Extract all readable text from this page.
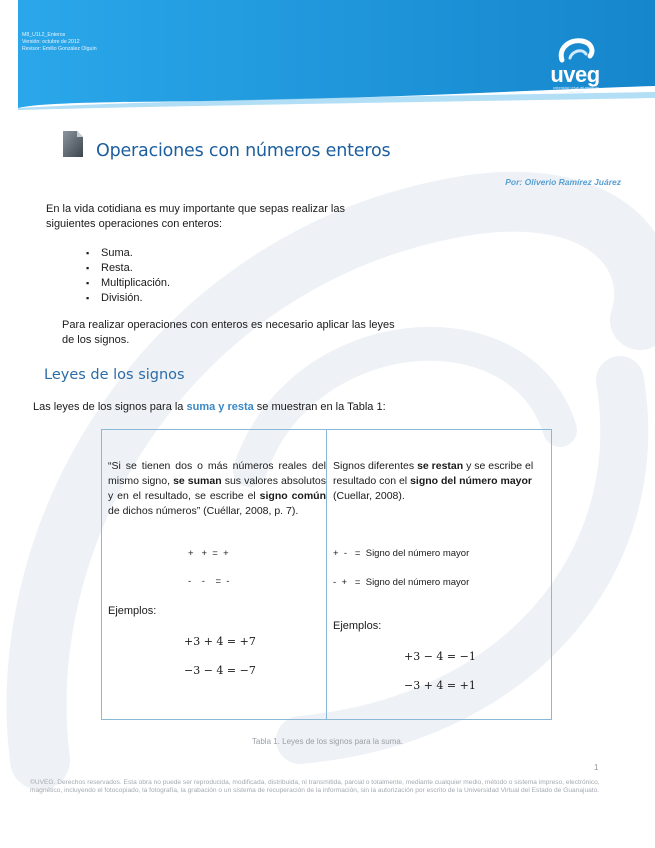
M8_U1L2_Enteros
Versión: octubre de 2012
Revisor: Emilio González Olguín
uveg
universidad virtual del estado de guanajuato
Operaciones con números enteros
Por: Oliverio Ramírez Juárez
En la vida cotidiana es muy importante que sepas realizar las siguientes operaciones con enteros:
▪ Suma.
▪ Resta.
▪ Multiplicación.
▪ División.
Para realizar operaciones con enteros es necesario aplicar las leyes de los signos.
Leyes de los signos
Las leyes de los signos para la suma y resta se muestran en la Tabla 1:
“Si se tienen dos o más números reales del mismo signo, se suman sus valores absolutos y en el resultado, se escribe el signo común de dichos números” (Cuéllar, 2008, p. 7).
+   +  =  +
-    -    =  -
Ejemplos:
+3 + 4 = +7
−3 − 4 = −7

Signos diferentes se restan y se escribe el resultado con el signo del número mayor (Cuellar, 2008).
+  -   =  Signo del número mayor
-  +   =  Signo del número mayor
Ejemplos:
+3 − 4 = −1
−3 + 4 = +1
Tabla 1. Leyes de los signos para la suma.
1
©UVEG. Derechos reservados. Esta obra no puede ser reproducida, modificada, distribuida, ni transmitida, parcial o totalmente, mediante cualquier medio, método o sistema impreso, electrónico, magnético, incluyendo el fotocopiado, la fotografía, la grabación o un sistema de recuperación de la información, sin la autorización por escrito de la Universidad Virtual del Estado de Guanajuato.
